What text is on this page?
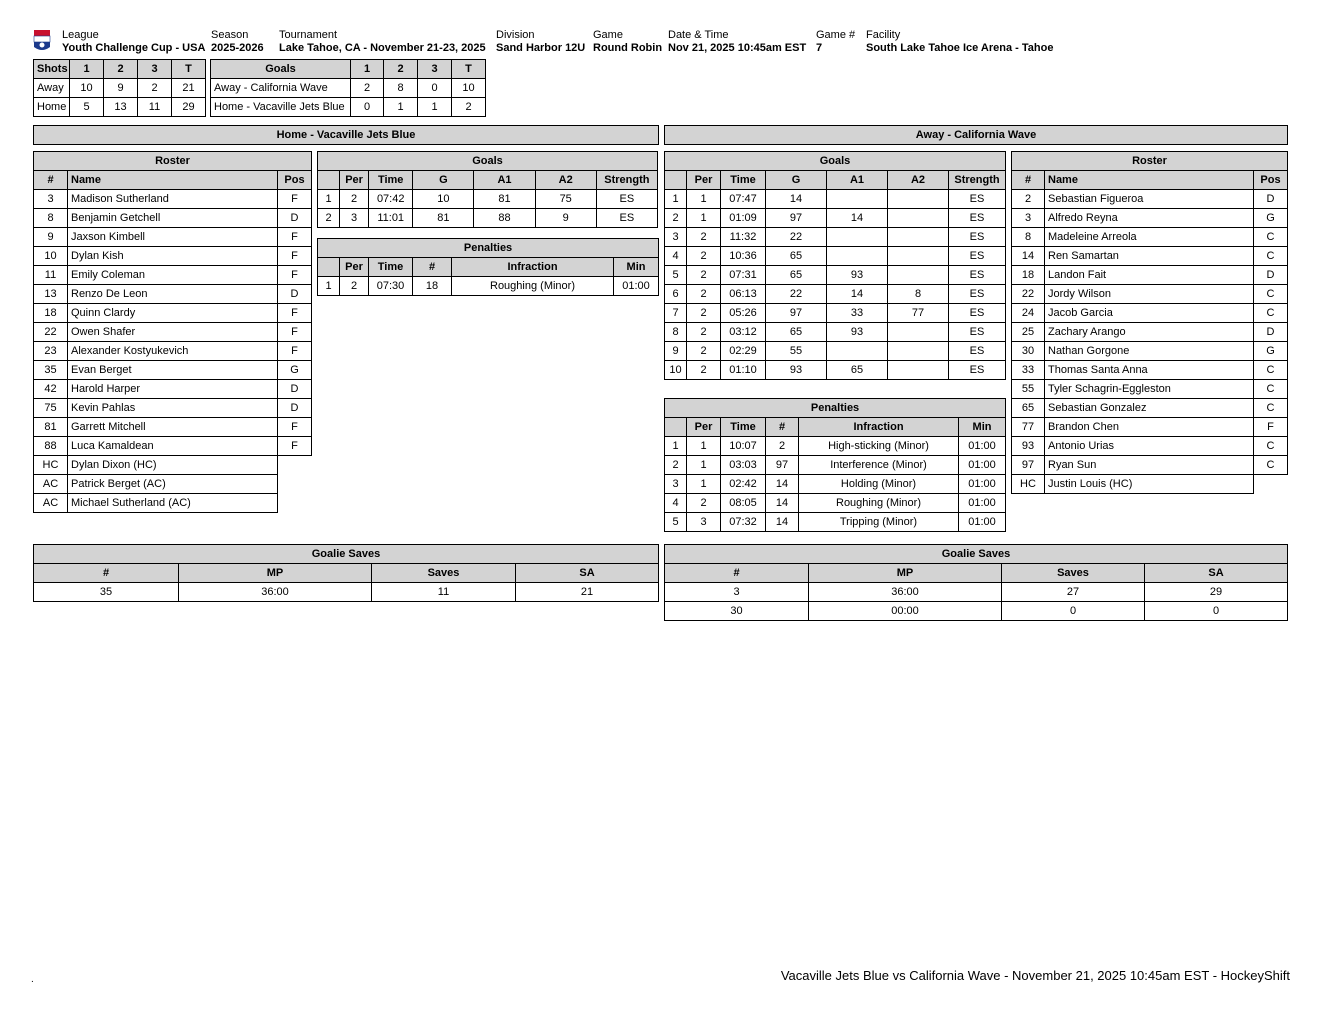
League
Youth Challenge Cup - USA
Season
2025-2026
Tournament
Lake Tahoe, CA - November 21-23, 2025
Division
Sand Harbor 12U
Game
Round Robin
Date & Time
Nov 21, 2025 10:45am EST
Game #
7
Facility
South Lake Tahoe Ice Arena - Tahoe
Shots	1	2	3	T
Away	10	9	2	21
Home	5	13	11	29
Goals	1	2	3	T
Away - California Wave	2	8	0	10
Home - Vacaville Jets Blue	0	1	1	2
Home - Vacaville Jets Blue	Away - California Wave
Roster		
#	Name	Pos
3	Madison Sutherland	F
8	Benjamin Getchell	D
9	Jaxson Kimbell	F
10	Dylan Kish	F
11	Emily Coleman	F
13	Renzo De Leon	D
18	Quinn Clardy	F
22	Owen Shafer	F
23	Alexander Kostyukevich	F
35	Evan Berget	G
42	Harold Harper	D
75	Kevin Pahlas	D
81	Garrett Mitchell	F
88	Luca Kamaldean	F
HC	Dylan Dixon (HC)	
AC	Patrick Berget (AC)	
AC	Michael Sutherland (AC)	
Goals						
	Per	Time	G	A1	A2	Strength
1	2	07:42	10	81	75	ES
2	3	11:01	81	88	9	ES
Penalties					
	Per	Time	#	Infraction	Min
1	2	07:30	18	Roughing (Minor)	01:00
Goals						
	Per	Time	G	A1	A2	Strength
1	1	07:47	14			ES
2	1	01:09	97	14		ES
3	2	11:32	22			ES
4	2	10:36	65			ES
5	2	07:31	65	93		ES
6	2	06:13	22	14	8	ES
7	2	05:26	97	33	77	ES
8	2	03:12	65	93		ES
9	2	02:29	55			ES
10	2	01:10	93	65		ES
Penalties					
	Per	Time	#	Infraction	Min
1	1	10:07	2	High-sticking (Minor)	01:00
2	1	03:03	97	Interference (Minor)	01:00
3	1	02:42	14	Holding (Minor)	01:00
4	2	08:05	14	Roughing (Minor)	01:00
5	3	07:32	14	Tripping (Minor)	01:00
Roster		
#	Name	Pos
2	Sebastian Figueroa	D
3	Alfredo Reyna	G
8	Madeleine Arreola	C
14	Ren Samartan	C
18	Landon Fait	D
22	Jordy Wilson	C
24	Jacob Garcia	C
25	Zachary Arango	D
30	Nathan Gorgone	G
33	Thomas Santa Anna	C
55	Tyler Schagrin-Eggleston	C
65	Sebastian Gonzalez	C
77	Brandon Chen	F
93	Antonio Urias	C
97	Ryan Sun	C
HC	Justin Louis (HC)	
Goalie Saves			
#	MP	Saves	SA
35	36:00	11	21
Goalie Saves			
#	MP	Saves	SA
3	36:00	27	29
30	00:00	0	0
.	Vacaville Jets Blue vs California Wave - November 21, 2025 10:45am EST - HockeyShift
